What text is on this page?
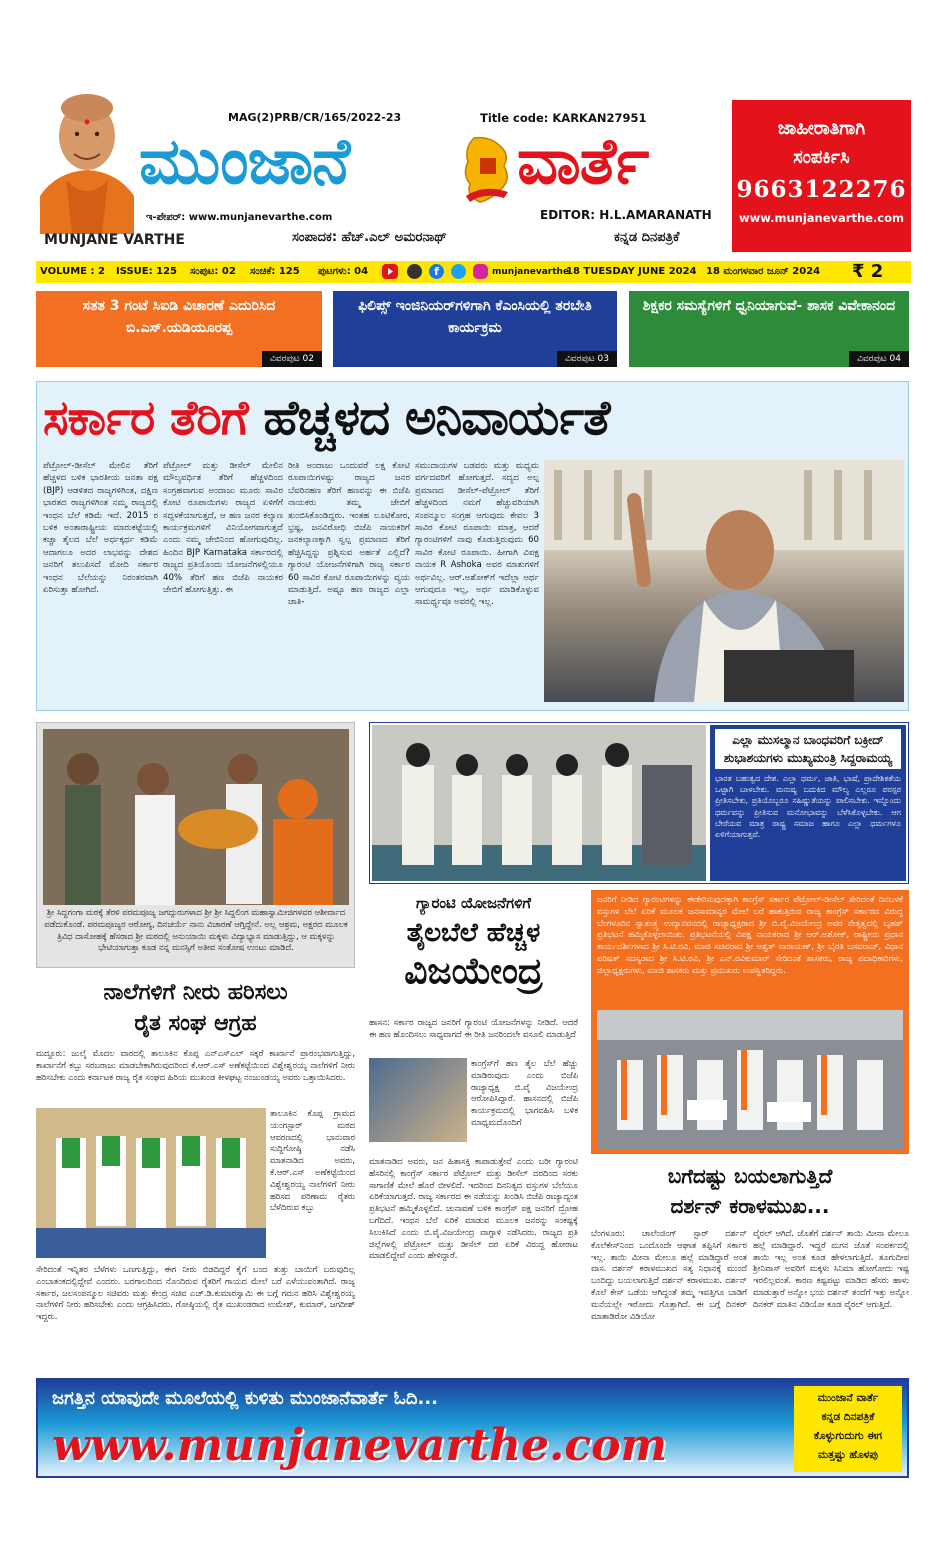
MUNJANE VARTHE
MAG(2)PRB/CR/165/2022-23	Title code: KARKAN27951
ಮುಂಜಾನೆ	ವಾರ್ತೆ
ಇ-ಪೇಪರ್: www.munjanevarthe.com	EDITOR: H.L.AMARANATH
ಸಂಪಾದಕ: ಹೆಚ್.ಎಲ್ ಅಮರನಾಥ್	ಕನ್ನಡ ದಿನಪತ್ರಿಕೆ
ಜಾಹೀರಾತಿಗಾಗಿ
ಸಂಪರ್ಕಿಸಿ
9663122276
www.munjanevarthe.com
VOLUME : 2 ISSUE: 125 ಸಂಪುಟ: 02 ಸಂಚಿಕೆ: 125 ಪುಟಗಳು: 04	f	munjanevarthe
18 TUESDAY JUNE 2024 18 ಮಂಗಳವಾರ ಜೂನ್ 2024 ₹ 2
ಸತತ 3 ಗಂಟೆ ಸಿಐಡಿ ವಿಚಾರಣೆ ಎದುರಿಸಿದ ಬಿ.ಎಸ್.ಯಡಿಯೂರಪ್ಪ
ವಿವರಪುಟ 02
ಫಿಲಿಪ್ಸ್ ಇಂಜಿನಿಯರ್‌ಗಳಿಗಾಗಿ ಕೆಎಂಸಿಯಲ್ಲಿ ತರಬೇತಿ ಕಾರ್ಯಕ್ರಮ
ವಿವರಪುಟ 03
ಶಿಕ್ಷಕರ ಸಮಸ್ಯೆಗಳಿಗೆ ಧ್ವನಿಯಾಗುವೆ- ಶಾಸಕ ವಿವೇಕಾನಂದ
ವಿವರಪುಟ 04
ಸರ್ಕಾರ ತೆರಿಗೆ ಹೆಚ್ಚಳದ ಅನಿವಾರ್ಯತೆ
ಪೆಟ್ರೋಲ್-ಡೀಸೆಲ್ ಮೇಲಿನ ತೆರಿಗೆ ಹೆಚ್ಚಳದ ಬಳಿಕ ಭಾರತೀಯ ಜನತಾ ಪಕ್ಷ (BJP) ಆಡಳಿತದ ರಾಜ್ಯಗಳಿಗಿಂತ, ದಕ್ಷಿಣ ಭಾರತದ ರಾಜ್ಯಗಳಿಗಿಂತ ನಮ್ಮ ರಾಜ್ಯದಲ್ಲಿ ಇಂಧನ ಬೆಲೆ ಕಡಿಮೆ ಇದೆ. 2015 ರ ಬಳಿಕ ಅಂತಾರಾಷ್ಟ್ರೀಯ ಮಾರುಕಟ್ಟೆಯಲ್ಲಿ ಕಚ್ಚಾ ತೈಲದ ಬೆಲೆ ಅರ್ಧಕ್ಕರ್ಧ ಕಡಿಮೆ ಆದಾಗಲೂ ಅದರ ಲಾಭವನ್ನು ದೇಶದ ಜನರಿಗೆ ತಲುಪಿಸದೆ ಮೋದಿ ಸರ್ಕಾರ ಇಂಧನ ಬೆಲೆಯನ್ನು ನಿರಂತರವಾಗಿ ಏರಿಸುತ್ತಾ ಹೋಗಿದೆ.
ಪೆಟ್ರೋಲ್ ಮತ್ತು ಡೀಸೆಲ್ ಮೇಲಿನ ಮೌಲ್ಯವರ್ಧಿತ ತೆರಿಗೆ ಹೆಚ್ಚಳದಿಂದ ಸಂಗ್ರಹವಾಗುವ ಅಂದಾಜು ಮೂರು ಸಾವಿರ ಕೋಟಿ ರೂಪಾಯಿಗಳು ರಾಜ್ಯದ ಏಳಿಗೆಗೆ ಸದ್ಬಳಕೆಯಾಗುತ್ತದೆ, ಆ ಹಣ ಜನರ ಕಲ್ಯಾಣ ಕಾರ್ಯಕ್ರಮಗಳಿಗೆ ವಿನಿಯೋಗವಾಗುತ್ತದೆ ಎಂದು ನಮ್ಮ ಜೇಬಿನಿಂದ ಹೋಗುವುದಿಲ್ಲ. ಹಿಂದಿನ BJP Karnataka ಸರ್ಕಾರದಲ್ಲಿ ರಾಜ್ಯದ ಪ್ರತಿಯೊಂದು ಯೋಜನೆಗಳಲ್ಲಿಯೂ 40% ತೆರಿಗೆ ಹಣ ಬಿಜೆಪಿ ನಾಯಕರ ಜೇಬಿಗೆ ಹೋಗುತ್ತಿತ್ತು. ಈ
ರೀತಿ ಅಂದಾಜು ಒಂದುವರೆ ಲಕ್ಷ ಕೋಟಿ ರೂಪಾಯಿಗಳಷ್ಟು ರಾಜ್ಯದ ಜನರ ಬೆವರಿನಹಣ ತೆರಿಗೆ ಹಣವನ್ನು ಈ ಬಿಜೆಪಿ ನಾಯಕರು ತಮ್ಮ ಜೇಬಿಗೆ ತುಂಬಿಸಿಕೊಂಡಿದ್ದರು. ಇಂತಹ ಲೂಟಿಕೋರ, ಭ್ರಷ್ಟ, ಜನವಿರೋಧಿ ಬಿಜೆಪಿ ನಾಯಕರಿಗೆ ಜನಕಲ್ಯಾಣಕ್ಕಾಗಿ ಸ್ವಲ್ಪ ಪ್ರಮಾಣದ ತೆರಿಗೆ ಹೆಚ್ಚಿಸಿದ್ದನ್ನು ಪ್ರಶ್ನಿಸುವ ಅರ್ಹತೆ ಎಲ್ಲಿದೆ? ಗ್ಯಾರಂಟಿ ಯೋಜನೆಗಳಿಗಾಗಿ ರಾಜ್ಯ ಸರ್ಕಾರ 60 ಸಾವಿರ ಕೋಟಿ ರೂಪಾಯಿಗಳನ್ನು ವ್ಯಯ ಮಾಡುತ್ತಿದೆ. ಅಷ್ಟೂ ಹಣ ರಾಜ್ಯದ ಎಲ್ಲಾ ಜಾತಿ-
ಸಮುದಾಯಗಳ ಬಡವರು ಮತ್ತು ಮಧ್ಯಮ ವರ್ಗದವರಿಗೆ ಹೋಗುತ್ತದೆ. ಸದ್ಯದ ಅಲ್ಪ ಪ್ರಮಾಣದ ಡೀಸೆಲ್-ಪೆಟ್ರೋಲ್ ತೆರಿಗೆ ಹೆಚ್ಚಳದಿಂದ ನಮಗೆ ಹೆಚ್ಚುವರಿಯಾಗಿ ಸಂಪನ್ಮೂಲ ಸಂಗ್ರಹ ಆಗುವುದು ಕೇವಲ 3 ಸಾವಿರ ಕೋಟಿ ರೂಪಾಯಿ ಮಾತ್ರ, ಆದರೆ ಗ್ಯಾರಂಟಿಗಳಿಗೆ ನಾವು ಕೊಡುತ್ತಿರುವುದು 60 ಸಾವಿರ ಕೋಟಿ ರೂಪಾಯಿ. ಹೀಗಾಗಿ ವಿಪಕ್ಷ ನಾಯಕ R Ashoka ಅವರ ಮಾತುಗಳಿಗೆ ಅರ್ಥವಿಲ್ಲ. ಆರ್.ಅಶೋಕ್‌ಗೆ ಇದೆಲ್ಲಾ ಅರ್ಥ ಆಗುವುದೂ ಇಲ್ಲ, ಅರ್ಥ ಮಾಡಿಕೊಳ್ಳುವ ಸಾಮರ್ಥ್ಯವೂ ಅವರಲ್ಲಿ ಇಲ್ಲ.
ಶ್ರೀ ಸಿದ್ದಗಂಗಾ ಮಠಕ್ಕೆ ತೆರಳಿ ಪರಮಪೂಜ್ಯ ಜಗದ್ಗುರುಗಳಾದ ಶ್ರೀ ಶ್ರೀ ಸಿದ್ದಲಿಂಗ ಮಹಾಸ್ವಾಮೀಜಿಗಳವರ ಆಶೀರ್ವಾದ ಪಡೆದುಕೊಂಡೆ. ಪರಮಪೂಜ್ಯರ ಆರೋಗ್ಯ, ದಿನಚರ್ಯೆ ನಾನು ವಿಚಾರಣೆ ಆಗ್ತಿದ್ದೇನೆ. ಅಲ್ಲ ಆಶ್ರಮ, ಅಕ್ಷರದ ಮೂಲಕ ತ್ರಿವಿಧ ದಾಸೋಹಕ್ಕೆ ಹೆಸರಾದ ಶ್ರೀ ಮಠದಲ್ಲಿ ಅನುಯಾಯಿ ಮಕ್ಕಳು ವಿದ್ಯಾಭ್ಯಾಸ ಮಾಡುತ್ತಿದ್ದು, ಆ ಮಕ್ಕಳನ್ನು ಭೇಟಿಯಾಗುತ್ತಾ ಕೂಡ ನನ್ನ ಮನಸ್ಸಿಗೆ ಅತೀವ ಸಂತೋಷ ಉಂಟು ಮಾಡಿದೆ.
ಎಲ್ಲಾ ಮುಸಲ್ಮಾನ ಬಾಂಧವರಿಗೆ ಬಕ್ರೀದ್ ಶುಭಾಶಯಗಳು ಮುಖ್ಯಮಂತ್ರಿ ಸಿದ್ದರಾಮಯ್ಯ
ಭಾರತ ಬಹುತ್ವದ ದೇಶ. ಎಲ್ಲಾ ಧರ್ಮ, ಜಾತಿ, ಭಾಷೆ, ಪ್ರಾದೇಶಿಕತೆಯ ಒಟ್ಟಾಗಿ ಬಾಳಬೇಕು. ಮನುಷ್ಯ ಬದುಕಿದ ಮೌಲ್ಯ ಎಲ್ಲರೂ ಪರಸ್ಪರ ಪ್ರೀತಿಸಬೇಕು, ಪ್ರತಿಯೊಬ್ಬರೂ ಸಹಿಷ್ಣುತೆಯನ್ನು ಪಾಲಿಸಬೇಕು. ಇನ್ನೊಂದು ಧರ್ಮವನ್ನು ಪ್ರೀತಿಸುವ ಮನೋಭಾವನ್ನು ಬೆಳೆಸಿಕೊಳ್ಳಬೇಕು. ಆಗ ಬೇರೆಯವ ಮಾತ್ರ ರಾಷ್ಟ್ರ ಸಮಾಜ ಹಾಗೂ ಎಲ್ಲಾ ಧರ್ಮಗಳೂ ಏಳಿಗೆಯಾಗುತ್ತವೆ.
ಗ್ಯಾರಂಟಿ ಯೋಜನೆಗಳಿಗೆ
ತೈಲಬೆಲೆ ಹೆಚ್ಚಳ
ವಿಜಯೇಂದ್ರ
ಹಾಸನ: ಸರ್ಕಾರ ರಾಜ್ಯದ ಜನರಿಗೆ ಗ್ಯಾರಂಟಿ ಯೋಜನೆಗಳನ್ನು ನೀಡಿದೆ. ಆದರೆ ಈ ಹಣ ಹೊಂದಿಸಲು ಸಾಧ್ಯವಾಗದೆ ಈ ರೀತಿ ಜನರಿಂದಲೇ ವಸೂಲಿ ಮಾಡುತ್ತಿದೆ
ಕಾಂಗ್ರೆಸ್‌ಗೆ ಹಣ ತೈಲ ಬೆಲೆ ಹೆಚ್ಚು ಮಾಡಿರುವುದು ಎಂದು ಬಿಜೆಪಿ ರಾಜ್ಯಾಧ್ಯಕ್ಷ ಬಿ.ವೈ ವಿಜಯೇಂದ್ರ ಆರೋಪಿಸಿದ್ದಾರೆ. ಹಾಸನದಲ್ಲಿ ಬಿಜೆಪಿ ಕಾರ್ಯಕ್ರಮದಲ್ಲಿ ಭಾಗವಹಿಸಿ ಬಳಿಕ ಮಾಧ್ಯಮದೊಂದಿಗೆ
ಮಾತನಾಡಿದ ಅವರು, ಜನ ಹಿತಾಸಕ್ತಿ ಕಾಪಾಡುತ್ತೇವೆ ಎಂದು ಬರೀ ಗ್ಯಾರಂಟಿ ಹೆಸರಿನಲ್ಲಿ ಕಾಂಗ್ರೆಸ್ ಸರ್ಕಾರ ಪೆಟ್ರೋಲ್ ಮತ್ತು ಡೀಸೆಲ್ ದರದಿಂದ ಸರಕು ಸಾಗಾಣಿಕೆ ಮೇಲೆ ಹೊರೆ ಬೀಳಲಿದೆ. ಇದರಿಂದ ದಿನನಿತ್ಯದ ವಸ್ತುಗಳ ಬೆಲೆಯೂ ಏರಿಕೆಯಾಗುತ್ತದೆ. ರಾಜ್ಯ ಸರ್ಕಾರದ ಈ ನಡೆಯನ್ನು ಖಂಡಿಸಿ ಬಿಜೆಪಿ ರಾಜ್ಯಾದ್ಯಂತ ಪ್ರತಿಭಟನೆ ಹಮ್ಮಿಕೊಳ್ಳಲಿದೆ. ಚುನಾವಣೆ ಬಳಿಕ ಕಾಂಗ್ರೆಸ್ ಪಕ್ಷ ಜನರಿಗೆ ದ್ರೋಹ ಬಗೆದಿದೆ. ಇಂಧನ ಬೆಲೆ ಏರಿಕೆ ಮಾಡುವ ಮೂಲಕ ಜನರನ್ನು ಸಂಕಷ್ಟಕ್ಕೆ ಸಿಲುಕಿಸಿದೆ ಎಂದು ಬಿ.ವೈ.ವಿಜಯೇಂದ್ರ ವಾಗ್ದಾಳಿ ನಡೆಸಿದರು. ರಾಜ್ಯದ ಪ್ರತಿ ಜಿಲ್ಲೆಗಳಲ್ಲಿ ಪೆಟ್ರೋಲ್ ಮತ್ತು ಡೀಸೆಲ್ ದರ ಏರಿಕೆ ವಿರುದ್ಧ ಹೋರಾಟ ಮಾಡಲಿದ್ದೇವೆ ಎಂದು ಹೇಳಿದ್ದಾರೆ.
ಜನರಿಗೆ ನೀಡಿದ ಗ್ಯಾರಂಟಿಗಳನ್ನು ಈಡೇರಿಸುವುದಕ್ಕಾಗಿ ಕಾಂಗ್ರೆಸ್ ಸರ್ಕಾರ ಪೆಟ್ರೋಲ್-ಡೀಸೆಲ್ ಸೇರಿದಂತೆ ದಿನಬಳಕೆ ವಸ್ತುಗಳ ಬೆಲೆ ಏರಿಕೆ ಮೂಲಕ ಜನಸಾಮಾನ್ಯರ ಮೇಲೆ ಬರೆ ಹಾಕುತ್ತಿರುವ ರಾಜ್ಯ ಕಾಂಗ್ರೆಸ್ ಸರ್ಕಾರದ ವಿರುದ್ಧ ಬೆಂಗಳೂರಿನ ಸ್ವಾತಂತ್ರ್ಯ ಉದ್ಯಾನವನದಲ್ಲಿ ರಾಜ್ಯಾಧ್ಯಕ್ಷರಾದ ಶ್ರೀ ಬಿ.ವೈ.ವಿಜಯೇಂದ್ರ ಅವರ ನೇತೃತ್ವದಲ್ಲಿ ಬೃಹತ್ ಪ್ರತಿಭಟನೆ ಹಮ್ಮಿಕೊಳ್ಳಲಾಯಿತು. ಪ್ರತಿಭಟನೆಯಲ್ಲಿ ವಿಪಕ್ಷ ನಾಯಕರಾದ ಶ್ರೀ ಆರ್.ಅಶೋಕ್, ರಾಷ್ಟ್ರೀಯ ಪ್ರಧಾನ ಕಾರ್ಯದರ್ಶಿಗಳಾದ ಶ್ರೀ ಸಿ.ಟಿ.ರವಿ, ಮಾಜಿ ಸಚಿವರಾದ ಶ್ರೀ ಅಶ್ವತ್ ನಾರಾಯಣ್, ಶ್ರೀ ಬೈರತಿ ಬಸವರಾಜ್, ವಿಧಾನ ಪರಿಷತ್ ಸದಸ್ಯರಾದ ಶ್ರೀ ಸಿ.ಟಿ.ರವಿ, ಶ್ರೀ ಎನ್.ರವಿಕುಮಾರ್ ಸೇರಿದಂತೆ ಶಾಸಕರು, ರಾಜ್ಯ ಪದಾಧಿಕಾರಿಗಳು, ಜಿಲ್ಲಾಧ್ಯಕ್ಷರುಗಳು, ಮಾಜಿ ಶಾಸಕರು ಮತ್ತು ಪ್ರಮುಖರು ಉಪಸ್ಥಿತರಿದ್ದರು.
ಬಗೆದಷ್ಟು ಬಯಲಾಗುತ್ತಿದೆ
ದರ್ಶನ್ ಕರಾಳಮುಖ...
ಬೆಂಗಳೂರು: ಚಾಲೆಂಜಿಂಗ್ ಸ್ಟಾರ್ ದರ್ಶನ್ ಕೊಲೆಕೇಸ್‌ನಿಂದ ಒಂದೊಂದೇ ಆಘಾತ ತಪ್ಪಿಸಿಗೆ ಸರ್ಕಾರ ಇಲ್ಲ. ತಾಯಿ ಮೀನಾ ಮೇಲೂ ಹಲ್ಲೆ ಮಾಡಿದ್ದಾರೆ ಅಂತ ವಾಸ. ದರ್ಶನ್ ಕರಾಳಮುಖದ ಸತ್ಯ ನಿಧಾನಕ್ಕೆ ಮುಂದೆ ಬಂದಿದ್ದು ಬಯಲಾಗುತ್ತಿದೆ ದರ್ಶನ್ ಕರಾಳಮುಖ. ದರ್ಶನ್ ಕೊಲೆ ಕೇಸ್ ಒಡೆಯ ಆಗಿದ್ದಂತೆ ತಮ್ಮ ಇವತ್ತಿಗೂ ಬಾಡಿಗೆ ಮನೆಯಲ್ಲೇ ಇರೋದು ಗೊತ್ತಾಗಿದೆ. ಈ ಬಗ್ಗೆ ದಿನಕರ್ ಮಾತಾಡಿರೋ ವಿಡಿಯೋ
ವೈರಲ್ ಆಗಿದೆ. ಜೊತೆಗೆ ದರ್ಶನ್ ತಾಯಿ ಮೀನಾ ಮೇಲೂ ಹಲ್ಲೆ ಮಾಡಿದ್ದಾರೆ. ಇದ್ದರೆ ಮಗನ ಜೊತೆ ಸಂಪರ್ಕದಲ್ಲಿ ತಾಯಿ ಇಲ್ಲ ಅಂತ ಕೂಡ ಹೇಳಲಾಗುತ್ತಿದೆ. ತೂಗುದೀಪ ಶ್ರೀನಿವಾಸ್ ಅವರಿಗೆ ಮಕ್ಕಳು ಸಿನಿಮಾ ಹೋಗೋದು ಇಷ್ಟ ಇರಲಿಲ್ಲವಂತೆ. ಕಾರಣ ಕಷ್ಟಪಟ್ಟು ಮಾಡಿದ ಹೆಸರು ಹಾಳು ಮಾಡುತ್ತಾರೆ ಅನ್ನೋ ಭಯ ದರ್ಶನ್ ತಂದೆಗೆ ಇತ್ತು ಅನ್ನೋ ದಿನಕರ್ ಮಾತಿನ ವಿಡಿಯೋ ಕೂಡ ವೈರಲ್ ಆಗುತ್ತಿದೆ.
ನಾಲೆಗಳಿಗೆ ನೀರು ಹರಿಸಲು
ರೈತ ಸಂಘ ಆಗ್ರಹ
ಮದ್ದೂರು: ಜುಲೈ ಮೊದಲ ವಾರದಲ್ಲಿ ತಾಲೂಕಿನ ಕೊಪ್ಪ ಎನ್‌ಎಸ್‌ಎಲ್ ಸಕ್ಕರೆ ಕಾರ್ಖಾನೆ ಪ್ರಾರಂಭವಾಗುತ್ತಿದ್ದು, ಕಾರ್ಖಾನೆಗೆ ಕಬ್ಬು ಸರಬರಾಜು ಮಾಡಬೇಕಾಗಿರುವುದರಿಂದ ಕೆ.ಆರ್.ಎಸ್ ಅಣೆಕಟ್ಟೆಯಿಂದ ವಿಶ್ವೇಶ್ವರಯ್ಯ ನಾಲೆಗಳಿಗೆ ನೀರು ಹರಿಸಬೇಕು ಎಂದು ಕರ್ನಾಟಕ ರಾಜ್ಯ ರೈತ ಸಂಘದ ಹಿರಿಯ ಮುಖಂಡ ಕೀಳಘಟ್ಟ ನಂಜುಂಡಯ್ಯ ಅವರು ಒತ್ತಾಯಿಸಿದರು.
ತಾಲೂಕಿನ ಕೊಪ್ಪ ಗ್ರಾಮದ ಯಂಗಸ್ಟಾರ್ ಮಠದ ಆವರಣದಲ್ಲಿ ಭಾನುವಾರ ಸುದ್ದಿಗೋಷ್ಠಿ ನಡೆಸಿ ಮಾತನಾಡಿದ ಅವರು, ಕೆ.ಆರ್.ಎಸ್ ಅಣೆಕಟ್ಟೆಯಿಂದ ವಿಶ್ವೇಶ್ವರಯ್ಯ ನಾಲೆಗಳಿಗೆ ನೀರು ಹರಿಸದ ಪರಿಣಾಮ ರೈತರು ಬೆಳೆದಿರುವ ಕಬ್ಬು
ಸೇರಿದಂತೆ ಇನ್ನಿತರ ಬೆಳೆಗಳು ಒಣಗುತ್ತಿದ್ದು, ಈಗ ನೀರು ಬಿಡದಿದ್ದರೆ ಕೈಗೆ ಬಂದ ತುತ್ತು ಬಾಯಿಗೆ ಬರುವುದಿಲ್ಲ ಎಂಬಾತಂಕದಲ್ಲಿದ್ದೇವೆ ಎಂದರು. ಬರಗಾಲದಿಂದ ನೊಂದಿರುವ ರೈತರಿಗೆ ಗಾಯದ ಮೇಲೆ ಬರೆ ಎಳೆಯುವಂತಾಗಿದೆ. ರಾಜ್ಯ ಸರ್ಕಾರ, ಜಲಸಂಪನ್ಮೂಲ ಸಚಿವರು ಮತ್ತು ಕೇಂದ್ರ ಸಚಿವ ಎಚ್.ಡಿ.ಕುಮಾರಸ್ವಾಮಿ ಈ ಬಗ್ಗೆ ಗಮನ ಹರಿಸಿ ವಿಶ್ವೇಶ್ವರಯ್ಯ ನಾಲೆಗಳಿಗೆ ನೀರು ಹರಿಸಬೇಕು ಎಂದು ಆಗ್ರಹಿಸಿದರು. ಗೋಷ್ಠಿಯಲ್ಲಿ ರೈತ ಮುಖಂಡರಾದ ಉಮೇಶ್, ಕುಮಾರ್, ಜಗದೀಶ್ ಇದ್ದರು.
ಜಗತ್ತಿನ ಯಾವುದೇ ಮೂಲೆಯಲ್ಲಿ ಕುಳಿತು ಮುಂಜಾನೆವಾರ್ತೆ ಓದಿ...
www.munjanevarthe.com
ಮುಂಜಾನೆ ವಾರ್ತೆ
ಕನ್ನಡ ದಿನಪತ್ರಿಕೆ
ಕೊಳ್ಳುಗುದುಗು ಈಗ
ಮತ್ತಷ್ಟು ಹೊಳಪು
